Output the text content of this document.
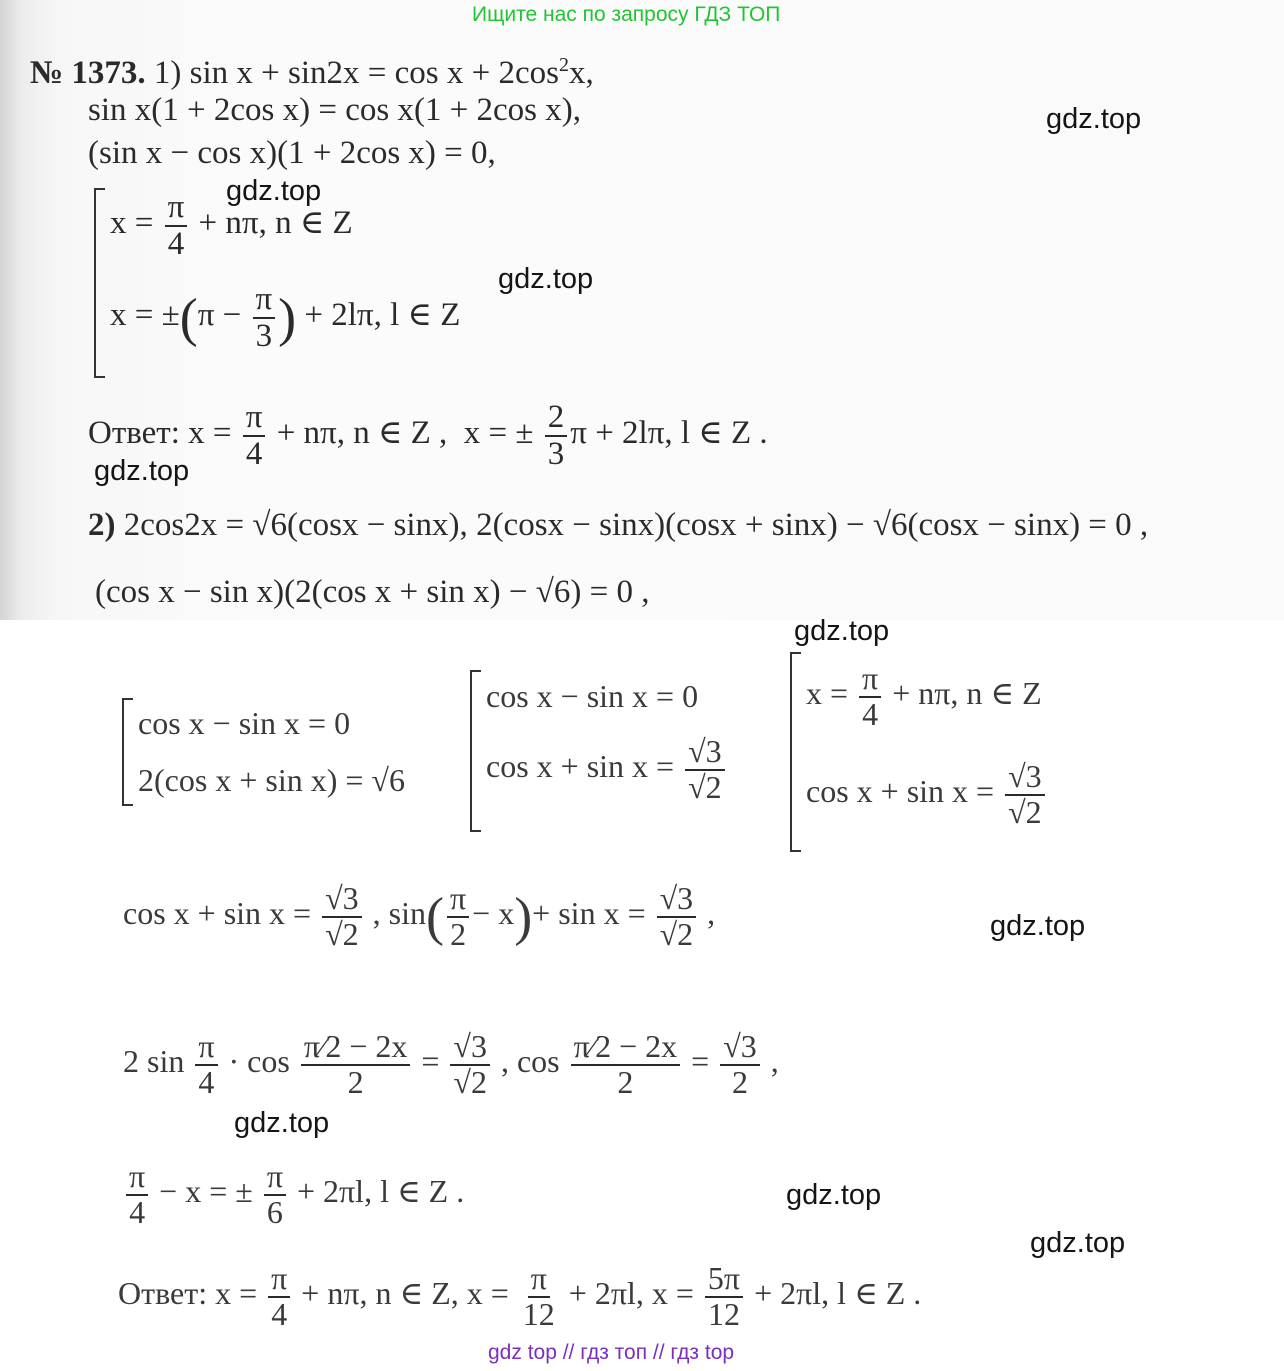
Ищите нас по запросу ГДЗ ТОП
№ 1373. 1) $\sin x + \sin 2x = \cos x + 2\cos^2x$,
sin x(1 + 2cos x) = cos x(1 + 2cos x),
(sin x − cos x)(1 + 2cos x) = 0,
$x = \frac{\pi}{4} + n\pi$, n ∈ Z
$x = \pm(\pi - \frac{\pi}{3}$ ) + 2lπ, l ∈ Z
Ответ: $x = \frac{\pi}{4} + n\pi$, n ∈ Z , x = ± $\frac{2}{3}$ π + 2lπ, l ∈ Z .
2) 2cos2x = √6(cosx − sinx), 2(cosx − sinx)(cosx + sinx) − √6(cosx − sinx) = 0 ,
(cos x − sin x)(2(cos x + sin x) − √6) = 0 ,
cos x − sin x = 0
2(cos x + sin x) = √6
cos x − sin x = 0
$\cos x + \sin x = \frac{√3}{√2}$
$x = \frac{\pi}{4} + n\pi$, n ∈ Z
$\cos x + \sin x = \frac{√3}{√2}$
$\cos x + \sin x = \frac{√3}{√2}$ , $\sin( \frac{\pi}{2} - x)+ \sin x = \frac{√3}{√2}$ ,
2 $\sin \frac{\pi}{4} \cdot \cos \frac{\pi⁄2 - 2x}{2} = \frac{√3}{√2}$ , $\cos \frac{\pi⁄2 - 2x}{2} = \frac{√3}{2}$ ,
$\frac{\pi}{4} - x$ = ± $\frac{\pi}{6} + 2\pi l$, l ∈ Z .
Ответ: $x = \frac{\pi}{4} + n\pi$, n ∈ Z, $x = \frac{\pi}{12} + 2\pi l$, $x = \frac{5\pi}{12} + 2\pi l$, l ∈ Z .
gdz.top
gdz.top
gdz.top
gdz.top
gdz.top
gdz.top
gdz.top
gdz.top
gdz.top
gdz top // гдз топ // гдз top
